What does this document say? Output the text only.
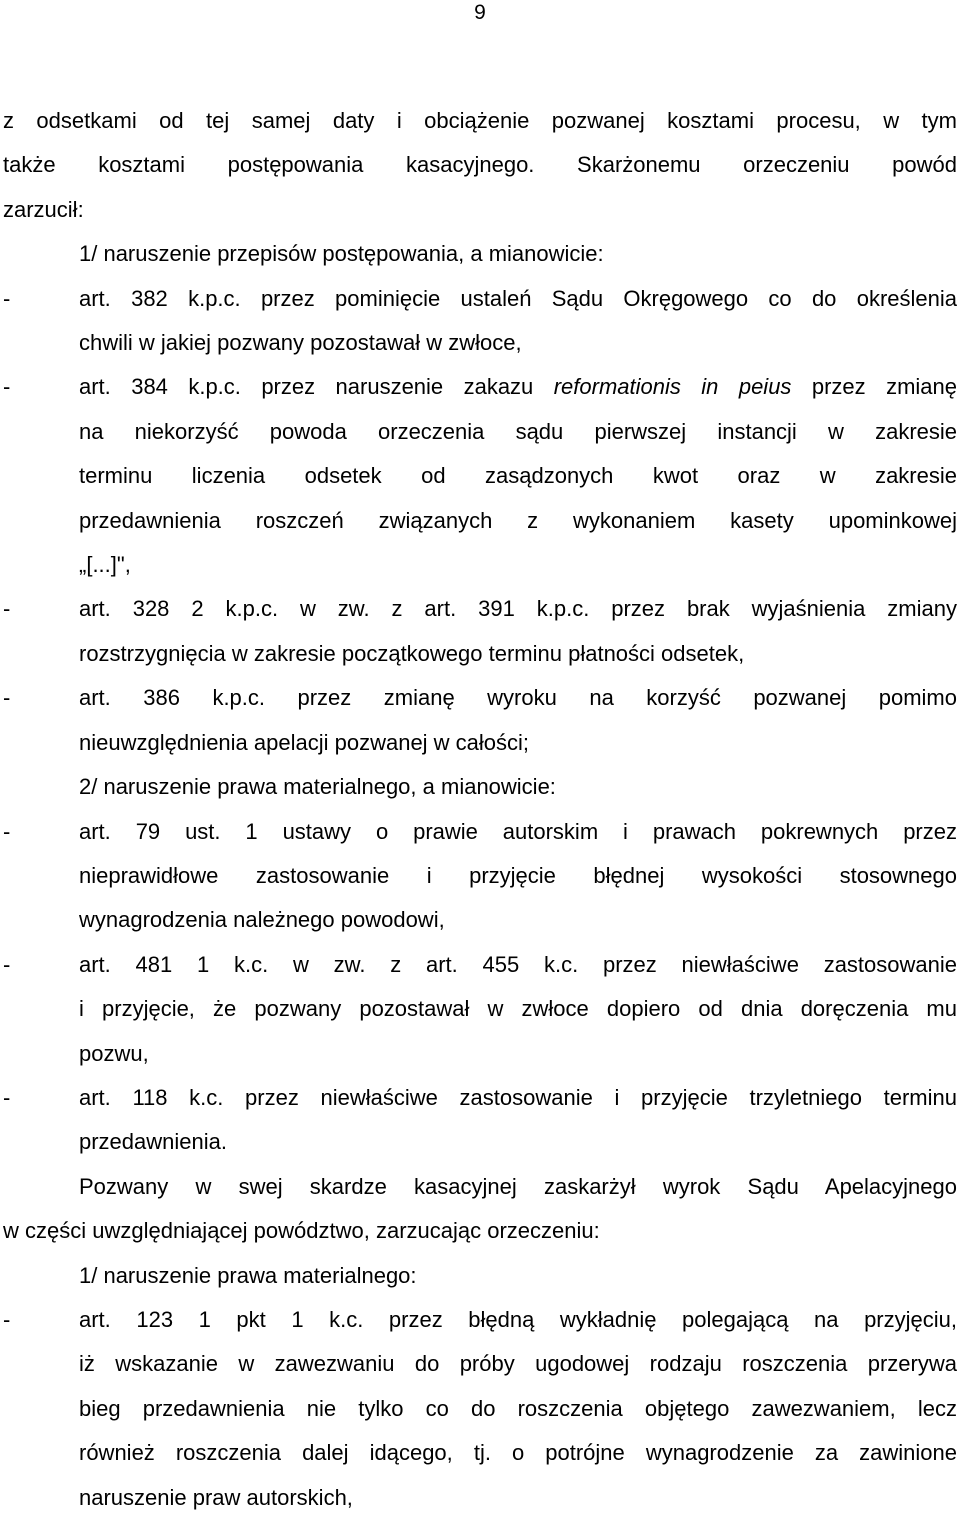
9
z odsetkami od tej samej daty i obciążenie pozwanej kosztami procesu, w tym
także kosztami postępowania kasacyjnego. Skarżonemu orzeczeniu powód
zarzucił:
1/ naruszenie przepisów postępowania, a mianowicie:
-	art. 382 k.p.c. przez pominięcie ustaleń Sądu Okręgowego co do określenia
chwili w jakiej pozwany pozostawał w zwłoce,
-	art. 384 k.p.c. przez naruszenie zakazu reformationis in peius przez zmianę
na niekorzyść powoda orzeczenia sądu pierwszej instancji w zakresie
terminu liczenia odsetek od zasądzonych kwot oraz w zakresie
przedawnienia roszczeń związanych z wykonaniem kasety upominkowej
„[...]",
-	art. 328 2 k.p.c. w zw. z art. 391 k.p.c. przez brak wyjaśnienia zmiany
rozstrzygnięcia w zakresie początkowego terminu płatności odsetek,
-	art. 386 k.p.c. przez zmianę wyroku na korzyść pozwanej pomimo
nieuwzględnienia apelacji pozwanej w całości;
2/ naruszenie prawa materialnego, a mianowicie:
-	art. 79 ust. 1 ustawy o prawie autorskim i prawach pokrewnych przez
nieprawidłowe zastosowanie i przyjęcie błędnej wysokości stosownego
wynagrodzenia należnego powodowi,
-	art. 481 1 k.c. w zw. z art. 455 k.c. przez niewłaściwe zastosowanie
i przyjęcie, że pozwany pozostawał w zwłoce dopiero od dnia doręczenia mu
pozwu,
-	art. 118 k.c. przez niewłaściwe zastosowanie i przyjęcie trzyletniego terminu
przedawnienia.
Pozwany w swej skardze kasacyjnej zaskarżył wyrok Sądu Apelacyjnego
w części uwzględniającej powództwo, zarzucając orzeczeniu:
1/ naruszenie prawa materialnego:
-	art. 123 1 pkt 1 k.c. przez błędną wykładnię polegającą na przyjęciu,
iż wskazanie w zawezwaniu do próby ugodowej rodzaju roszczenia przerywa
bieg przedawnienia nie tylko co do roszczenia objętego zawezwaniem, lecz
również roszczenia dalej idącego, tj. o potrójne wynagrodzenie za zawinione
naruszenie praw autorskich,
